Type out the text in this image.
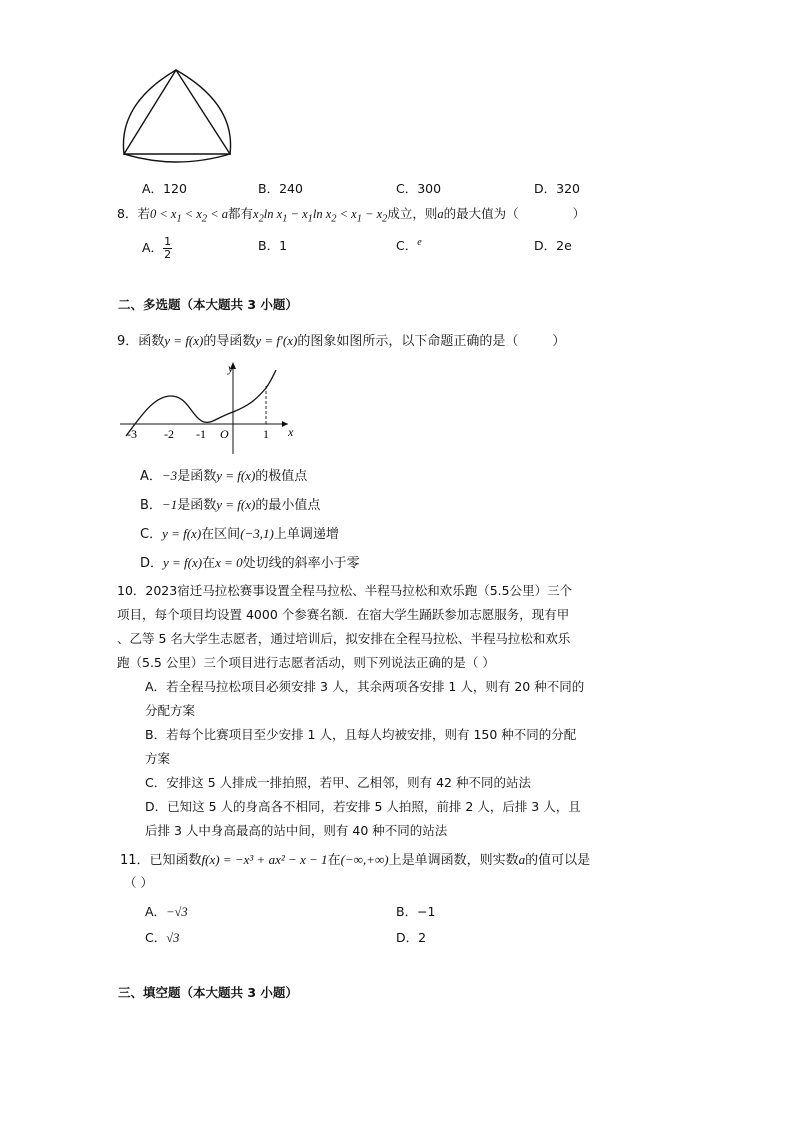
A．120	B．240	C．300	D．320
8．若$0 < x_1 < x_2 < a$都有$x_2\ln$ $x_1 - x_1\ln$ $x_2 < x_1 - x_2$成立，则a的最大值为（	）
A． $\frac{1}{2}$	B．1	C．$^e$	D．2e
二、多选题（本大题共 3 小题）
9．函数y = f(x)的导函数y = f′(x)的图象如图所示，以下命题正确的是（	）
y
x
O
-3 -2 -1	1
A．−3是函数y = f(x)的极值点
B．−1是函数y = f(x)的最小值点
C．y = f(x)在区间(−3,1)上单调递增
D．y = f(x)在x = 0处切线的斜率小于零
10．2023宿迁马拉松赛事设置全程马拉松、半程马拉松和欢乐跑（5.5公里）三个
项目，每个项目均设置 4000 个参赛名额．在宿大学生踊跃参加志愿服务，现有甲
、乙等 5 名大学生志愿者，通过培训后，拟安排在全程马拉松、半程马拉松和欢乐
跑（5.5 公里）三个项目进行志愿者活动，则下列说法正确的是（ ）
A．若全程马拉松项目必须安排 3 人，其余两项各安排 1 人，则有 20 种不同的
分配方案
B．若每个比赛项目至少安排 1 人，且每人均被安排，则有 150 种不同的分配
方案
C．安排这 5 人排成一排拍照，若甲、乙相邻，则有 42 种不同的站法
D．已知这 5 人的身高各不相同，若安排 5 人拍照，前排 2 人，后排 3 人，且
后排 3 人中身高最高的站中间，则有 40 种不同的站法
11．已知函数f(x) = −x³ + ax² − x − 1在(−∞,+∞)上是单调函数，则实数a的值可以是
（ ）
A．−√3	B．−1
C．√3	D．2
三、填空题（本大题共 3 小题）
